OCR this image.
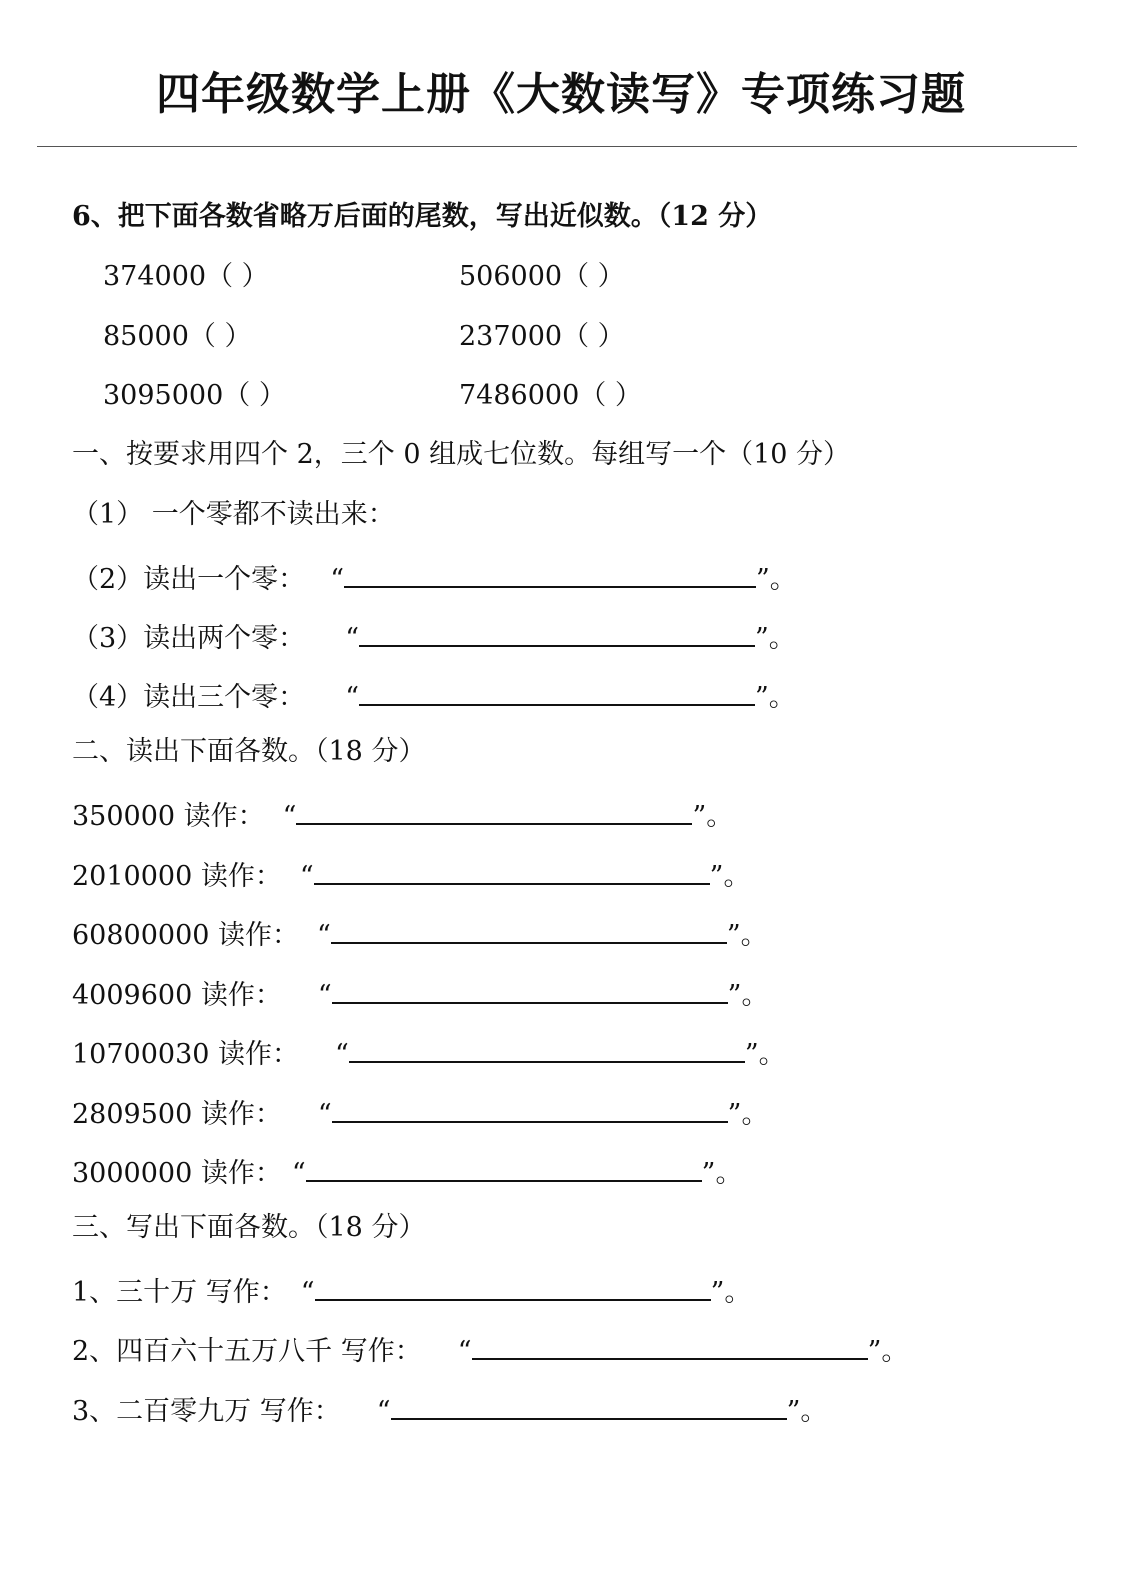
四年级数学上册《大数读写》专项练习题
6、把下面各数省略万后面的尾数，写出近似数。（12 分）
374000（ ）	506000（ ）
85000（ ）	237000（ ）
3095000（ ）	7486000（ ）
一、按要求用四个 2，三个 0 组成七位数。每组写一个（10 分）
（1） 一个零都不读出来：
（2）读出一个零： “	”。
（3）读出两个零： “	”。
（4）读出三个零： “	”。
二、读出下面各数。（18 分）
350000 读作： “	”。
2010000 读作： “	”。
60800000 读作： “	”。
4009600 读作： “	”。
10700030 读作： “	”。
2809500 读作： “	”。
3000000 读作： “	”。
三、写出下面各数。（18 分）
1、三十万 写作： “	”。
2、四百六十五万八千 写作： “	”。
3、二百零九万 写作： “	”。
